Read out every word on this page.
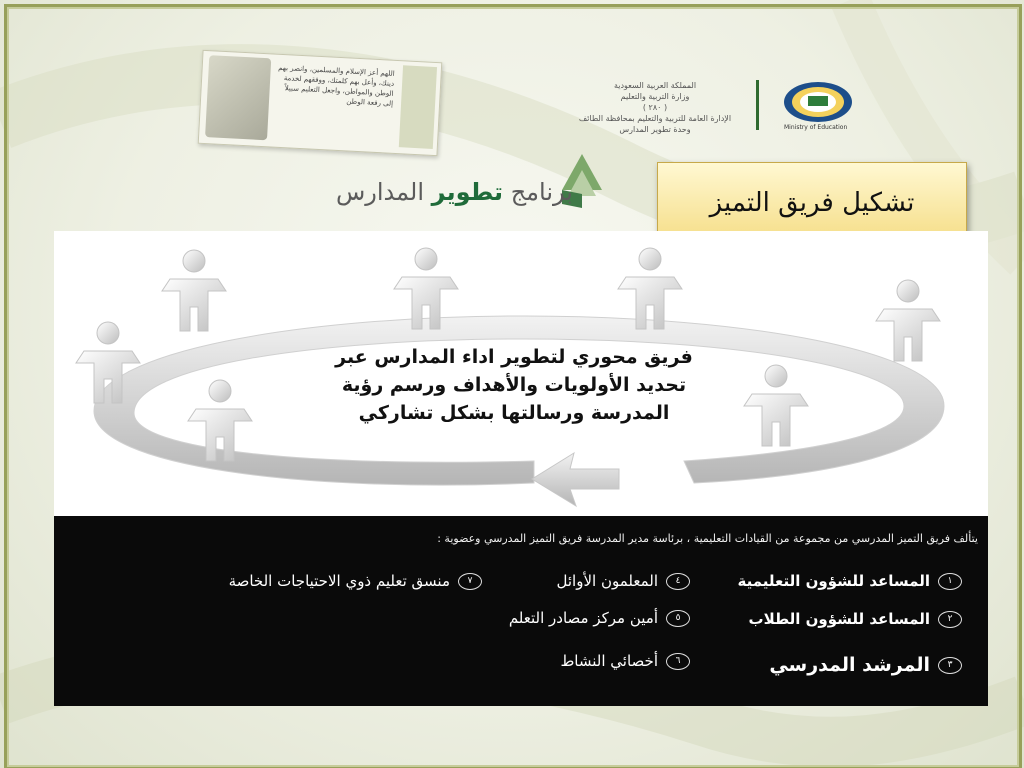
اللهم أعز الإسلام والمسلمين، وانصر بهم دينك، وأعل بهم كلمتك، ووفقهم لخدمة الوطن والمواطن، واجعل التعليم سبيلاً إلى رفعة الوطن
المملكة العربية السعودية
وزارة التربية والتعليم
( ٢٨٠ )
الإدارة العامة للتربية والتعليم بمحافظة الطائف
وحدة تطوير المدارس	Ministry of Education
برنامج تطوير المدارس	تشكيل فريق التميز
فريق محوري لتطوير اداء المدارس عبر
تحديد الأولويات والأهداف ورسم رؤية
المدرسة ورسالتها بشكل تشاركي
يتألف فريق التميز المدرسي من مجموعة من القيادات التعليمية ، برئاسة مدير المدرسة فريق التميز المدرسي وعضوية :
١
المساعد للشؤون التعليمية
٢
المساعد للشؤون الطلاب
٣
المرشد المدرسي
٤
المعلمون الأوائل
٥
أمين مركز مصادر التعلم
٦
أخصائي النشاط
٧
منسق تعليم ذوي الاحتياجات الخاصة
